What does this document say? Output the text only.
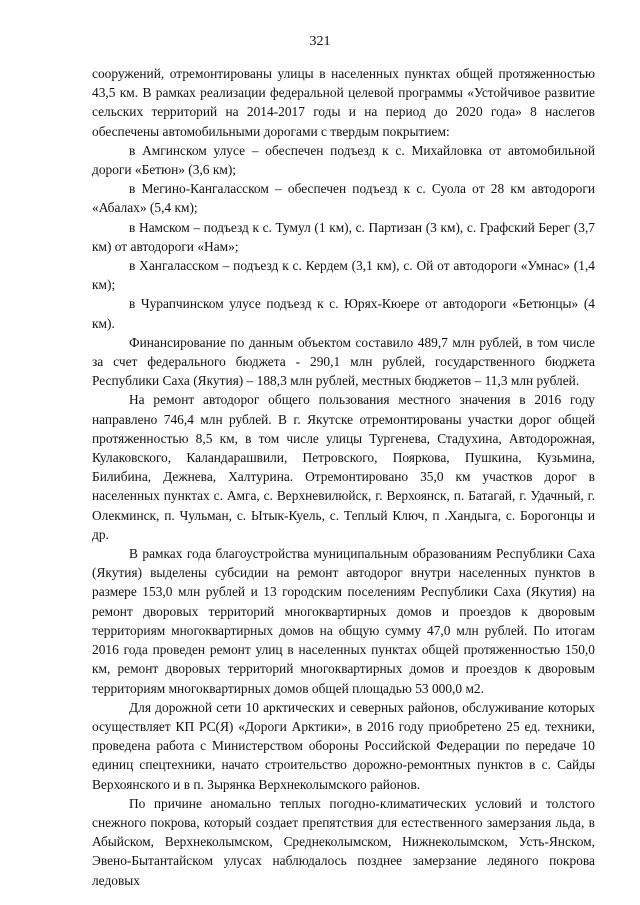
321

сооружений, отремонтированы улицы в населенных пунктах общей протяженностью 43,5 км. В рамках реализации федеральной целевой программы «Устойчивое развитие сельских территорий на 2014-2017 годы и на период до 2020 года» 8 наслегов обеспечены автомобильными дорогами с твердым покрытием:

в Амгинском улусе – обеспечен подъезд к с. Михайловка от автомобильной дороги «Бетюн» (3,6 км);

в Мегино-Кангаласском – обеспечен подъезд к с. Суола от 28 км автодороги «Абалах» (5,4 км);

в Намском – подъезд к с. Тумул (1 км), с. Партизан (3 км), с. Графский Берег (3,7 км) от автодороги «Нам»;

в Хангаласском – подъезд к с. Кердем (3,1 км), с. Ой от автодороги «Умнас» (1,4 км);

в Чурапчинском улусе подъезд к с. Юрях-Кюере от автодороги «Бетюнцы» (4 км).

Финансирование по данным объектом составило 489,7 млн рублей, в том числе за счет федерального бюджета - 290,1 млн рублей, государственного бюджета Республики Саха (Якутия) – 188,3 млн рублей, местных бюджетов – 11,3 млн рублей.

На ремонт автодорог общего пользования местного значения в 2016 году направлено 746,4 млн рублей. В г. Якутске отремонтированы участки дорог общей протяженностью 8,5 км, в том числе улицы Тургенева, Стадухина, Автодорожная, Кулаковского, Каландарашвили, Петровского, Пояркова, Пушкина, Кузьмина, Билибина, Дежнева, Халтурина. Отремонтировано 35,0 км участков дорог в населенных пунктах с. Амга, с. Верхневилюйск, г. Верхоянск, п. Батагай, г. Удачный, г. Олекминск, п. Чульман, с. Ытык-Куель, с. Теплый Ключ, п .Хандыга, с. Борогонцы и др.

В рамках года благоустройства муниципальным образованиям Республики Саха (Якутия) выделены субсидии на ремонт автодорог внутри населенных пунктов в размере 153,0 млн рублей и 13 городским поселениям Республики Саха (Якутия) на ремонт дворовых территорий многоквартирных домов и проездов к дворовым территориям многоквартирных домов на общую сумму 47,0 млн рублей. По итогам 2016 года проведен ремонт улиц в населенных пунктах общей протяженностью 150,0 км, ремонт дворовых территорий многоквартирных домов и проездов к дворовым территориям многоквартирных домов общей площадью 53 000,0 м2.

Для дорожной сети 10 арктических и северных районов, обслуживание которых осуществляет КП РС(Я) «Дороги Арктики», в 2016 году приобретено 25 ед. техники, проведена работа с Министерством обороны Российской Федерации по передаче 10 единиц спецтехники, начато строительство дорожно-ремонтных пунктов в с. Сайды Верхоянского и в п. Зырянка Верхнеколымского районов.

По причине аномально теплых погодно-климатических условий и толстого снежного покрова, который создает препятствия для естественного замерзания льда, в Абыйском, Верхнеколымском, Среднеколымском, Нижнеколымском, Усть-Янском, Эвено-Бытантайском улусах наблюдалось позднее замерзание ледяного покрова ледовых
